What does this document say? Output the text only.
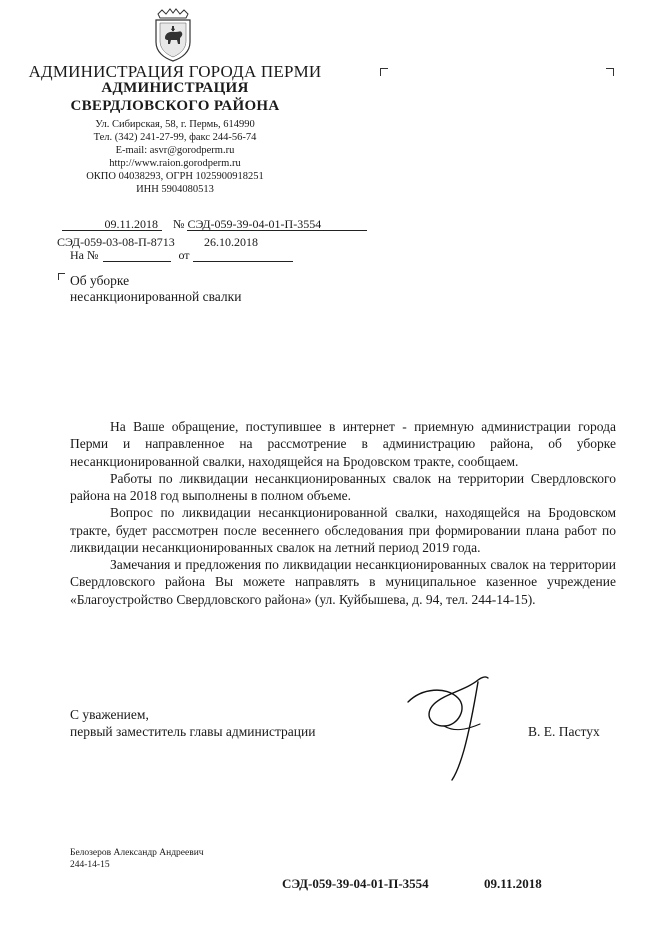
АДМИНИСТРАЦИЯ ГОРОДА ПЕРМИ
АДМИНИСТРАЦИЯ
СВЕРДЛОВСКОГО РАЙОНА
Ул. Сибирская, 58, г. Пермь, 614990
Тел. (342) 241-27-99, факс 244-56-74
E-mail: asvr@gorodperm.ru
http://www.raion.gorodperm.ru
ОКПО 04038293, ОГРН 1025900918251
ИНН 5904080513
09.11.2018 № СЭД-059-39-04-01-П-3554
СЭД-059-03-08-П-8713 26.10.2018
На №	от
Об уборке
несанкционированной свалки

На Ваше обращение, поступившее в интернет - приемную администрации города Перми и направленное на рассмотрение в администрацию района, об уборке несанкционированной свалки, находящейся на Бродовском тракте, сообщаем.

Работы по ликвидации несанкционированных свалок на территории Свердловского района на 2018 год выполнены в полном объеме.

Вопрос по ликвидации несанкционированной свалки, находящейся на Бродовском тракте, будет рассмотрен после весеннего обследования при формировании плана работ по ликвидации несанкционированных свалок на летний период 2019 года.

Замечания и предложения по ликвидации несанкционированных свалок на территории Свердловского района Вы можете направлять в муниципальное казенное учреждение «Благоустройство Свердловского района» (ул. Куйбышева, д. 94, тел. 244-14-15).

С уважением,
первый заместитель главы администрации	В. Е. Пастух
Белозеров Александр Андреевич
244-14-15
СЭД-059-39-04-01-П-3554	09.11.2018
